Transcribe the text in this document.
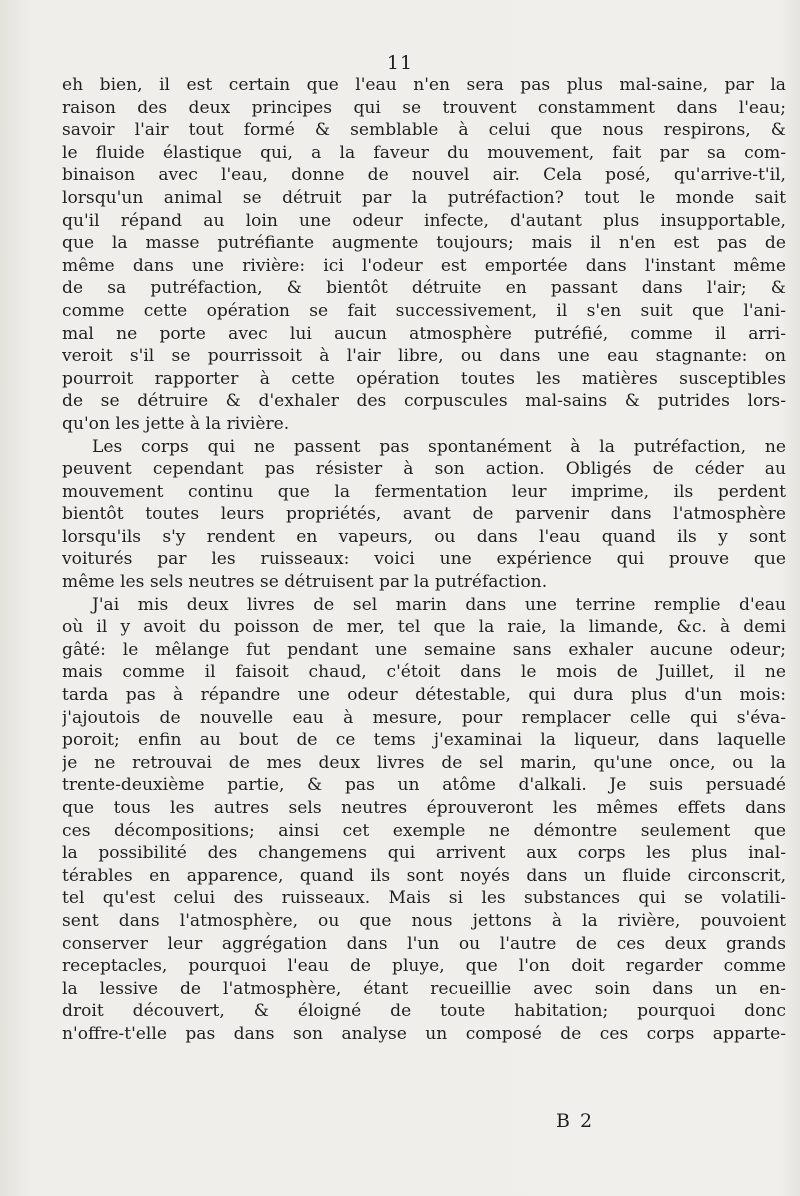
11
eh bien, il est certain que l'eau n'en sera pas plus mal-saine, par la
raison des deux principes qui se trouvent constamment dans l'eau;
savoir l'air tout formé & semblable à celui que nous respirons, &
le fluide élastique qui, a la faveur du mouvement, fait par sa com-
binaison avec l'eau, donne de nouvel air. Cela posé, qu'arrive-t'il,
lorsqu'un animal se détruit par la putréfaction? tout le monde sait
qu'il répand au loin une odeur infecte, d'autant plus insupportable,
que la masse putréfiante augmente toujours; mais il n'en est pas de
même dans une rivière: ici l'odeur est emportée dans l'instant même
de sa putréfaction, & bientôt détruite en passant dans l'air; &
comme cette opération se fait successivement, il s'en suit que l'ani-
mal ne porte avec lui aucun atmosphère putréfié, comme il arri-
veroit s'il se pourrissoit à l'air libre, ou dans une eau stagnante: on
pourroit rapporter à cette opération toutes les matières susceptibles
de se détruire & d'exhaler des corpuscules mal-sains & putrides lors-
qu'on les jette à la rivière.
Les corps qui ne passent pas spontanément à la putréfaction, ne
peuvent cependant pas résister à son action. Obligés de céder au
mouvement continu que la fermentation leur imprime, ils perdent
bientôt toutes leurs propriétés, avant de parvenir dans l'atmosphère
lorsqu'ils s'y rendent en vapeurs, ou dans l'eau quand ils y sont
voiturés par les ruisseaux: voici une expérience qui prouve que
même les sels neutres se détruisent par la putréfaction.
J'ai mis deux livres de sel marin dans une terrine remplie d'eau
où il y avoit du poisson de mer, tel que la raie, la limande, &c. à demi
gâté: le mêlange fut pendant une semaine sans exhaler aucune odeur;
mais comme il faisoit chaud, c'étoit dans le mois de Juillet, il ne
tarda pas à répandre une odeur détestable, qui dura plus d'un mois:
j'ajoutois de nouvelle eau à mesure, pour remplacer celle qui s'éva-
poroit; enfin au bout de ce tems j'examinai la liqueur, dans laquelle
je ne retrouvai de mes deux livres de sel marin, qu'une once, ou la
trente-deuxième partie, & pas un atôme d'alkali. Je suis persuadé
que tous les autres sels neutres éprouveront les mêmes effets dans
ces décompositions; ainsi cet exemple ne démontre seulement que
la possibilité des changemens qui arrivent aux corps les plus inal-
térables en apparence, quand ils sont noyés dans un fluide circonscrit,
tel qu'est celui des ruisseaux. Mais si les substances qui se volatili-
sent dans l'atmosphère, ou que nous jettons à la rivière, pouvoient
conserver leur aggrégation dans l'un ou l'autre de ces deux grands
receptacles, pourquoi l'eau de pluye, que l'on doit regarder comme
la lessive de l'atmosphère, étant recueillie avec soin dans un en-
droit découvert, & éloigné de toute habitation; pourquoi donc
n'offre-t'elle pas dans son analyse un composé de ces corps apparte-
B 2
